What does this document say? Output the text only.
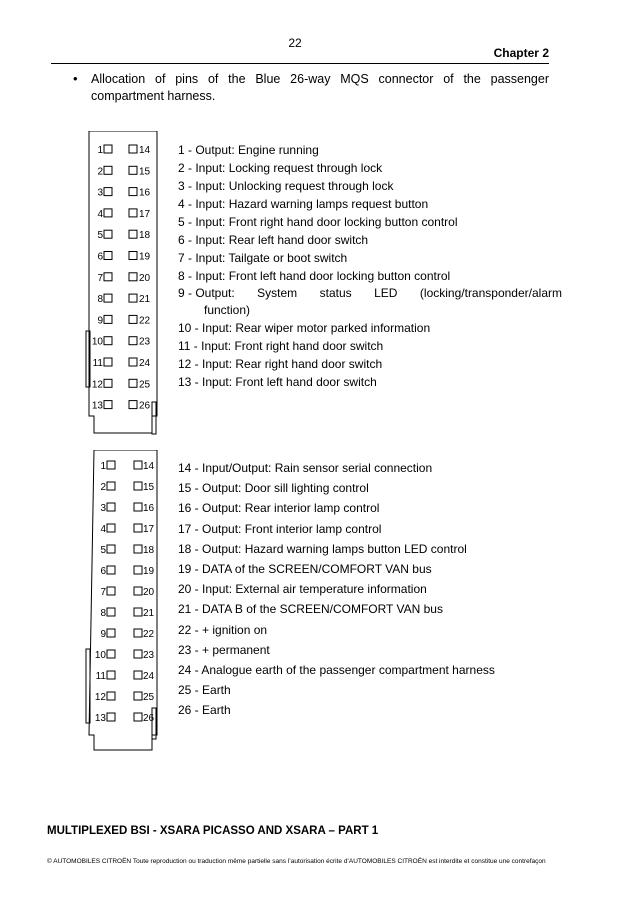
22
Chapter 2
• Allocation of pins of the Blue 26-way MQS connector of the passenger compartment harness.
1	14
2	15
3	16
4	17
5	18
6	19
7	20
8	21
9	22
10	23
11	24
12	25
13	26
1 - Output: Engine running
2 - Input: Locking request through lock
3 - Input: Unlocking request through lock
4 - Input: Hazard warning lamps request button
5 - Input: Front right hand door locking button control
6 - Input: Rear left hand door switch
7 - Input: Tailgate or boot switch
8 - Input: Front left hand door locking button control
9 - Output: System status LED (locking/transponder/alarm
function)
10 - Input: Rear wiper motor parked information
11 - Input: Front right hand door switch
12 - Input: Rear right hand door switch
13 - Input: Front left hand door switch
1	14
2	15
3	16
4	17
5	18
6	19
7	20
8	21
9	22
10	23
11	24
12	25
13	26
14 - Input/Output: Rain sensor serial connection
15 - Output: Door sill lighting control
16 - Output: Rear interior lamp control
17 - Output: Front interior lamp control
18 - Output: Hazard warning lamps button LED control
19 - DATA of the SCREEN/COMFORT VAN bus
20 - Input: External air temperature information
21 - DATA B of the SCREEN/COMFORT VAN bus
22 - + ignition on
23 - + permanent
24 - Analogue earth of the passenger compartment harness
25 - Earth
26 - Earth
MULTIPLEXED BSI - XSARA PICASSO AND XSARA – PART 1
© AUTOMOBILES CITROËN Toute reproduction ou traduction même partielle sans l’autorisation écrite d’AUTOMOBILES CITROËN est interdite et constitue une contrefaçon
